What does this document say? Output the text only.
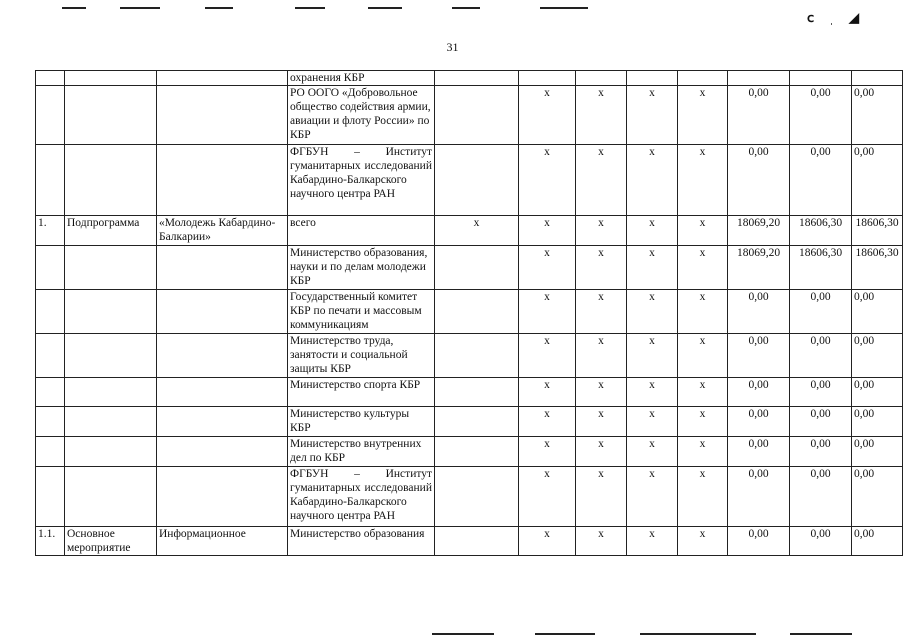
ⅽ ˌ ◢
31
			охранения КБР								
			РО ООГО «Добровольное общество содействия армии, авиации и флоту России» по КБР		x	x	x	x	0,00	0,00	0,00
			ФГБУН – Институт гуманитарных исследований Кабардино-Балкарского научного центра РАН		x	x	x	x	0,00	0,00	0,00
1.	Подпрограмма	«Молодежь Кабардино-Балкарии»	всего	x	x	x	x	x	18069,20	18606,30	18606,30
			Министерство образования, науки и по делам молодежи КБР		x	x	x	x	18069,20	18606,30	18606,30
			Государственный комитет КБР по печати и массовым коммуникациям		x	x	x	x	0,00	0,00	0,00
			Министерство труда, занятости и социальной защиты КБР		x	x	x	x	0,00	0,00	0,00
			Министерство спорта КБР		x	x	x	x	0,00	0,00	0,00
			Министерство культуры КБР		x	x	x	x	0,00	0,00	0,00
			Министерство внутренних дел по КБР		x	x	x	x	0,00	0,00	0,00
			ФГБУН – Институт гуманитарных исследований Кабардино-Балкарского научного центра РАН		x	x	x	x	0,00	0,00	0,00
1.1.	Основное мероприятие	Информационное	Министерство образования		x	x	x	x	0,00	0,00	0,00
